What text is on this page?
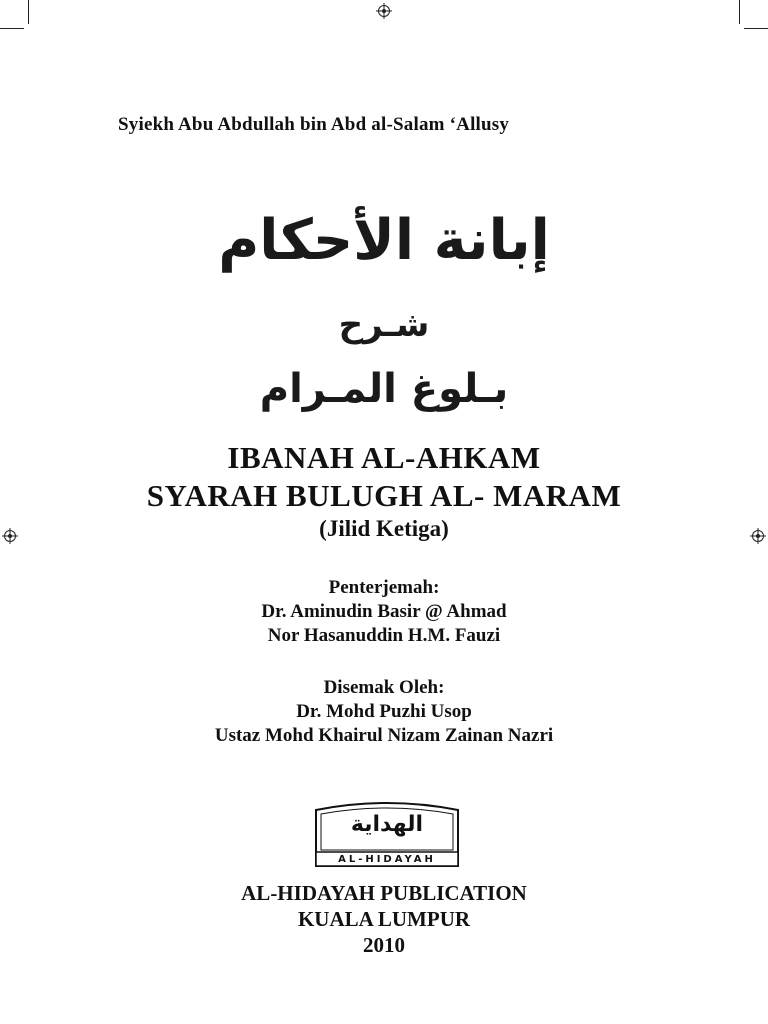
Syiekh Abu Abdullah bin Abd al-Salam ‘Allusy
إبانة الأحكام
شـرح
بـلوغ المـرام
IBANAH AL-AHKAM
SYARAH BULUGH AL- MARAM
(Jilid Ketiga)
Penterjemah:
Dr. Aminudin Basir @ Ahmad
Nor Hasanuddin H.M. Fauzi
Disemak Oleh:
Dr. Mohd Puzhi Usop
Ustaz Mohd Khairul Nizam Zainan Nazri
الهداية
AL-HIDAYAH
AL-HIDAYAH PUBLICATION
KUALA LUMPUR
2010
